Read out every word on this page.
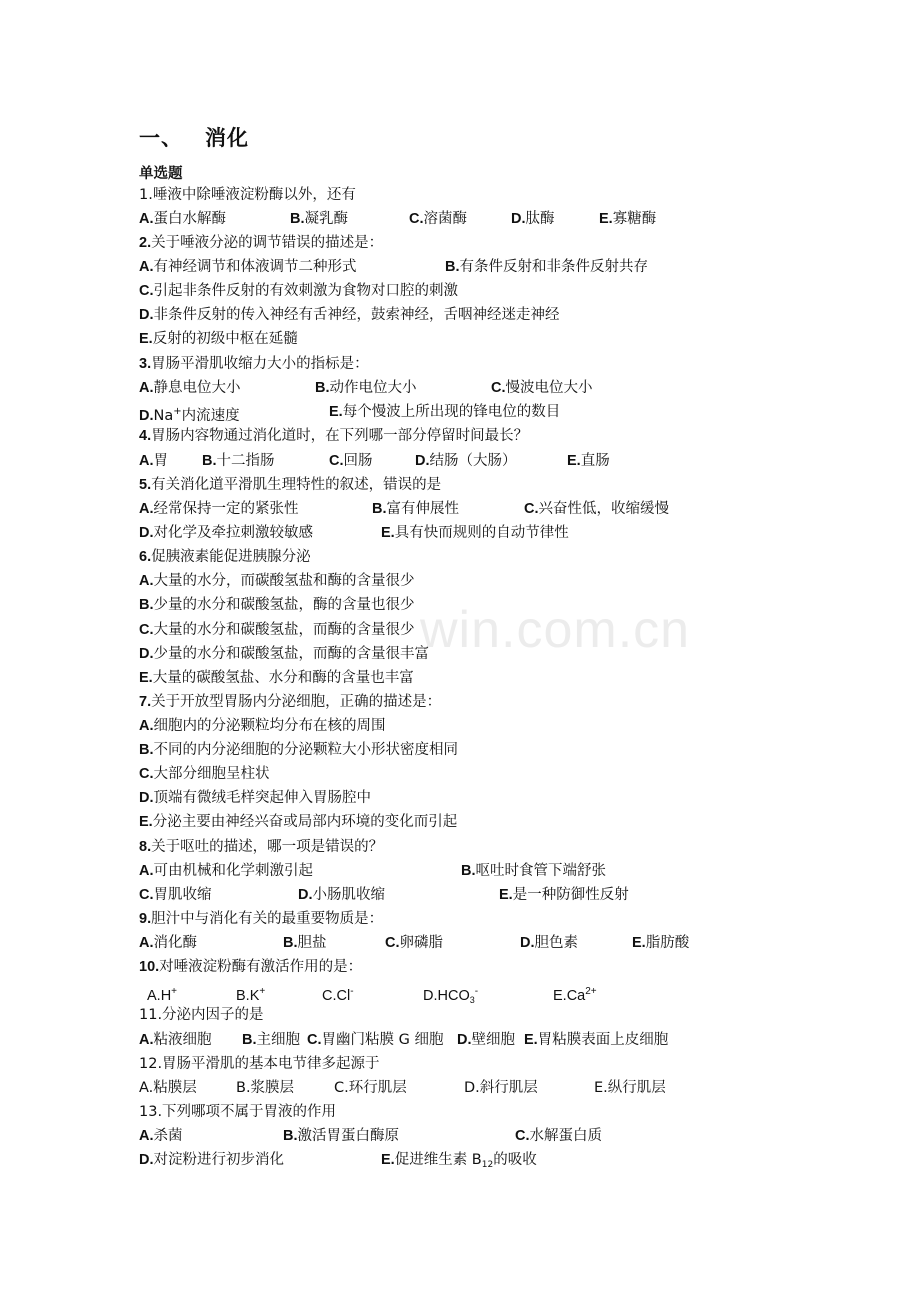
win.com.cn
一、 消化
单选题
1.唾液中除唾液淀粉酶以外，还有
A.蛋白水解酶	B.凝乳酶	C.溶菌酶	D.肽酶	E.寡糖酶
2.关于唾液分泌的调节错误的描述是：
A.有神经调节和体液调节二种形式	B.有条件反射和非条件反射共存
C.引起非条件反射的有效刺激为食物对口腔的刺激
D.非条件反射的传入神经有舌神经，鼓索神经，舌咽神经迷走神经
E.反射的初级中枢在延髓
3.胃肠平滑肌收缩力大小的指标是：
A.静息电位大小	B.动作电位大小	C.慢波电位大小
D.Na+内流速度	E.每个慢波上所出现的锋电位的数目
4.胃肠内容物通过消化道时，在下列哪一部分停留时间最长？
A.胃 B.十二指肠	C.回肠	D.结肠（大肠）	E.直肠
5.有关消化道平滑肌生理特性的叙述，错误的是
A.经常保持一定的紧张性	B.富有伸展性	C.兴奋性低，收缩缓慢
D.对化学及牵拉刺激较敏感	E.具有快而规则的自动节律性
6.促胰液素能促进胰腺分泌
A.大量的水分，而碳酸氢盐和酶的含量很少
B.少量的水分和碳酸氢盐，酶的含量也很少
C.大量的水分和碳酸氢盐，而酶的含量很少
D.少量的水分和碳酸氢盐，而酶的含量很丰富
E.大量的碳酸氢盐、水分和酶的含量也丰富
7.关于开放型胃肠内分泌细胞，正确的描述是：
A.细胞内的分泌颗粒均分布在核的周围
B.不同的内分泌细胞的分泌颗粒大小形状密度相同
C.大部分细胞呈柱状
D.顶端有微绒毛样突起伸入胃肠腔中
E.分泌主要由神经兴奋或局部内环境的变化而引起
8.关于呕吐的描述，哪一项是错误的？
A.可由机械和化学刺激引起	B.呕吐时食管下端舒张
C.胃肌收缩	D.小肠肌收缩	E.是一种防御性反射
9.胆汁中与消化有关的最重要物质是：
A.消化酶	B.胆盐	C.卵磷脂	D.胆色素	E.脂肪酸
10.对唾液淀粉酶有激活作用的是：
A.H+	B.K+	C.Cl-	$D.HCO_3^-$	$E.Ca^{2+}$
11.分泌内因子的是
A.粘液细胞 B.主细胞 C.胃幽门粘膜 G 细胞 D.壁细胞 E.胃粘膜表面上皮细胞
12.胃肠平滑肌的基本电节律多起源于
A.粘膜层	B.浆膜层	C.环行肌层	D.斜行肌层	E.纵行肌层
13.下列哪项不属于胃液的作用
A.杀菌	B.激活胃蛋白酶原	C.水解蛋白质
D.对淀粉进行初步消化	E.促进维生素 $B_{12}$的吸收
